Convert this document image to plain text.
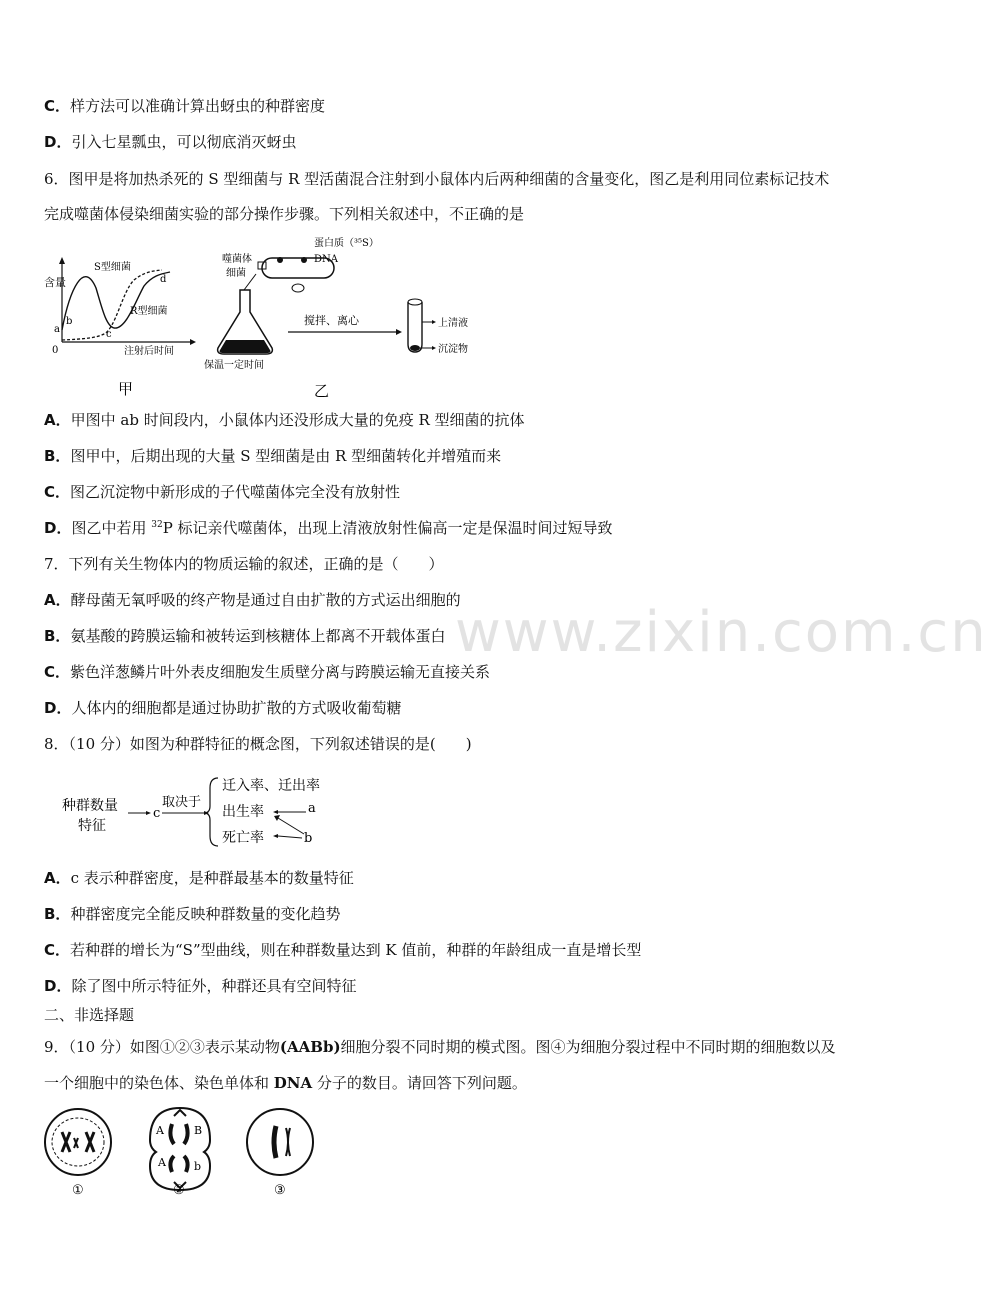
www.zixin.com.cn
C．样方法可以准确计算出蚜虫的种群密度
D．引入七星瓢虫，可以彻底消灭蚜虫
6．图甲是将加热杀死的 S 型细菌与 R 型活菌混合注射到小鼠体内后两种细菌的含量变化，图乙是利用同位素标记技术
完成噬菌体侵染细菌实验的部分操作步骤。下列相关叙述中，不正确的是
含量
0
S型细菌
R型细菌
a
b
c
d
注射后时间
甲
噬菌体
细菌
蛋白质（³⁵S）
DNA
保温一定时间
搅拌、离心	上清液
沉淀物
乙
A．甲图中 ab 时间段内，小鼠体内还没形成大量的免疫 R 型细菌的抗体
B．图甲中，后期出现的大量 S 型细菌是由 R 型细菌转化并增殖而来
C．图乙沉淀物中新形成的子代噬菌体完全没有放射性
D．图乙中若用 $^{32}$P 标记亲代噬菌体，出现上清液放射性偏高一定是保温时间过短导致
7．下列有关生物体内的物质运输的叙述，正确的是（　　）
A．酵母菌无氧呼吸的终产物是通过自由扩散的方式运出细胞的
B．氨基酸的跨膜运输和被转运到核糖体上都离不开载体蛋白
C．紫色洋葱鳞片叶外表皮细胞发生质壁分离与跨膜运输无直接关系
D．人体内的细胞都是通过协助扩散的方式吸收葡萄糖
8．（10 分）如图为种群特征的概念图，下列叙述错误的是(　　)
种群数量
特征
c
取决于
迁入率、迁出率
出生率
死亡率
a
b
A．c 表示种群密度，是种群最基本的数量特征
B．种群密度完全能反映种群数量的变化趋势
C．若种群的增长为“S”型曲线，则在种群数量达到 K 值前，种群的年龄组成一直是增长型
D．除了图中所示特征外，种群还具有空间特征
二、非选择题
9．（10 分）如图①②③表示某动物(AABb)细胞分裂不同时期的模式图。图④为细胞分裂过程中不同时期的细胞数以及
一个细胞中的染色体、染色单体和 DNA 分子的数目。请回答下列问题。
①
A
A
B
b
②	③
